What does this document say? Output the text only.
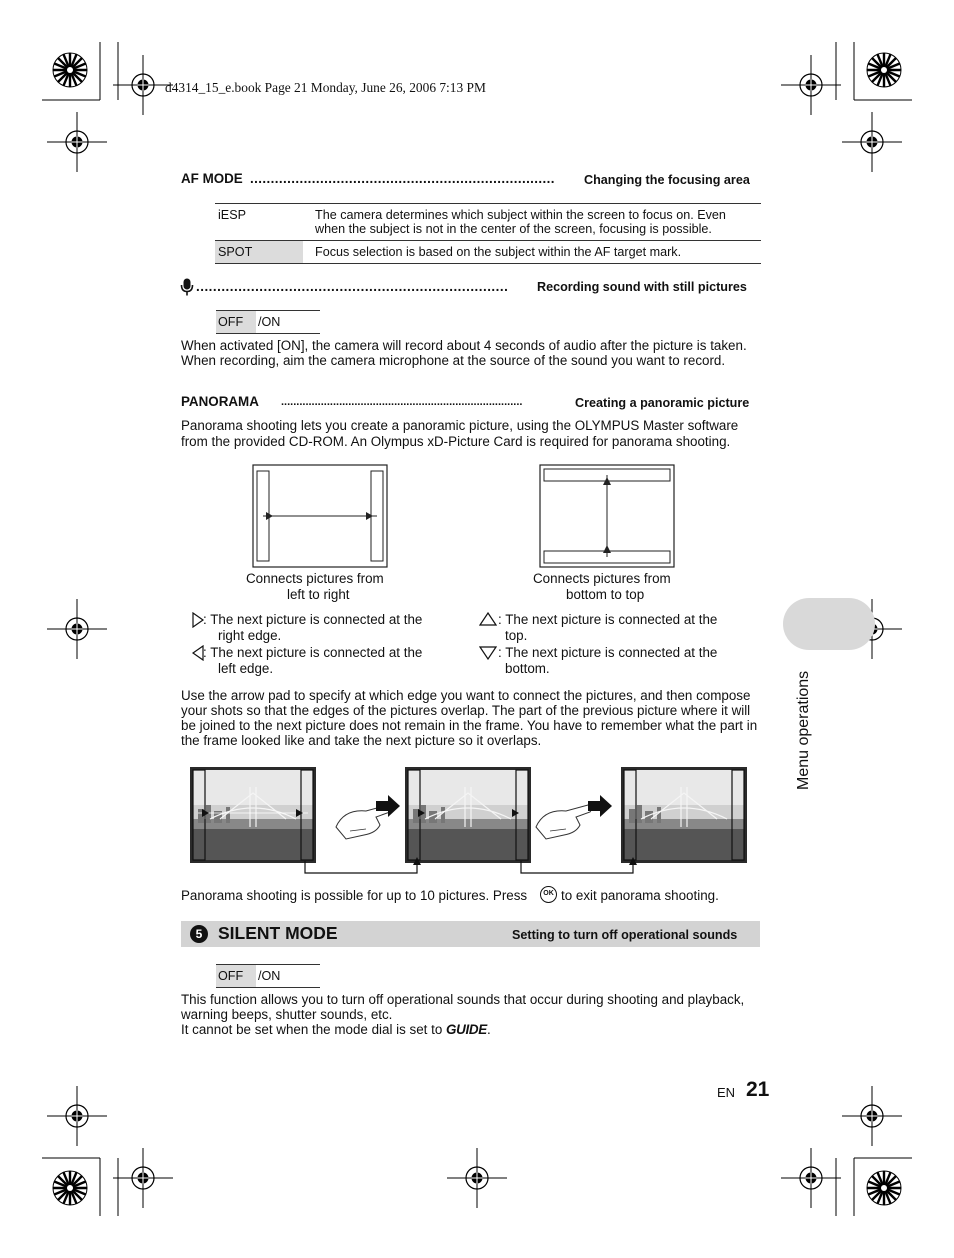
d4314_15_e.book Page 21 Monday, June 26, 2006 7:13 PM
AF MODE .......................................................................... Changing the focusing area
iESP	The camera determines which subject within the screen to focus on. Even when the subject is not in the center of the screen, focusing is possible.
SPOT	Focus selection is based on the subject within the AF target mark.
.......................................................................... Recording sound with still pictures
OFF	/ON
When activated [ON], the camera will record about 4 seconds of audio after the picture is taken.
When recording, aim the camera microphone at the source of the sound you want to record.
PANORAMA ...............................................................................	Creating a panoramic picture
Panorama shooting lets you create a panoramic picture, using the OLYMPUS Master software
from the provided CD-ROM. An Olympus xD-Picture Card is required for panorama shooting.
Connects pictures from
left to right
Connects pictures from
bottom to top
: The next picture is connected at the
right edge.
: The next picture is connected at the
left edge.
: The next picture is connected at the
top.
: The next picture is connected at the
bottom.
Use the arrow pad to specify at which edge you want to connect the pictures, and then compose
your shots so that the edges of the pictures overlap. The part of the previous picture where it will
be joined to the next picture does not remain in the frame. You have to remember what the part in
the frame looked like and take the next picture so it overlaps.
Panorama shooting is possible for up to 10 pictures. Press	OK to exit panorama shooting.
5 SILENT MODE	Setting to turn off operational sounds
OFF	/ON
This function allows you to turn off operational sounds that occur during shooting and playback,
warning beeps, shutter sounds, etc.
It cannot be set when the mode dial is set to GUIDE.
Menu operations
EN 21
